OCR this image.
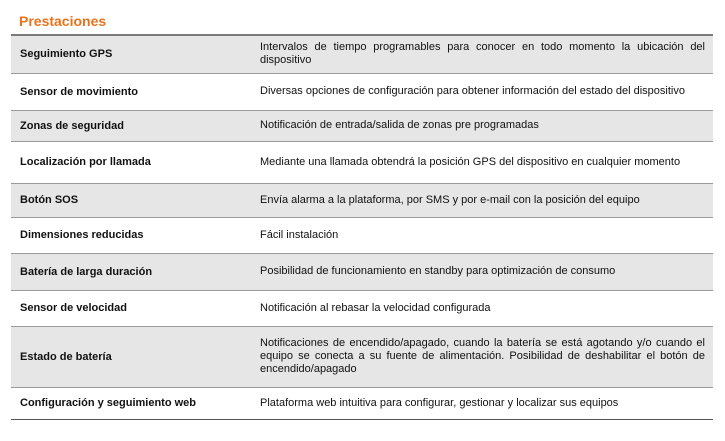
Prestaciones
Seguimiento GPS	Intervalos de tiempo programables para conocer en todo momento la ubicación del dispositivo
Sensor de movimiento	Diversas opciones de configuración para obtener información del estado del dispositivo
Zonas de seguridad	Notificación de entrada/salida de zonas pre programadas
Localización por llamada	Mediante una llamada obtendrá la posición GPS del dispositivo en cualquier momento
Botón SOS	Envía alarma a la plataforma, por SMS y por e-mail con la posición del equipo
Dimensiones reducidas	Fácil instalación
Batería de larga duración	Posibilidad de funcionamiento en standby para optimización de consumo
Sensor de velocidad	Notificación al rebasar la velocidad configurada
Estado de batería	Notificaciones de encendido/apagado, cuando la batería se está agotando y/o cuando el equipo se conecta a su fuente de alimentación. Posibilidad de deshabilitar el botón de encendido/apagado
Configuración y seguimiento web	Plataforma web intuitiva para configurar, gestionar y localizar sus equipos
